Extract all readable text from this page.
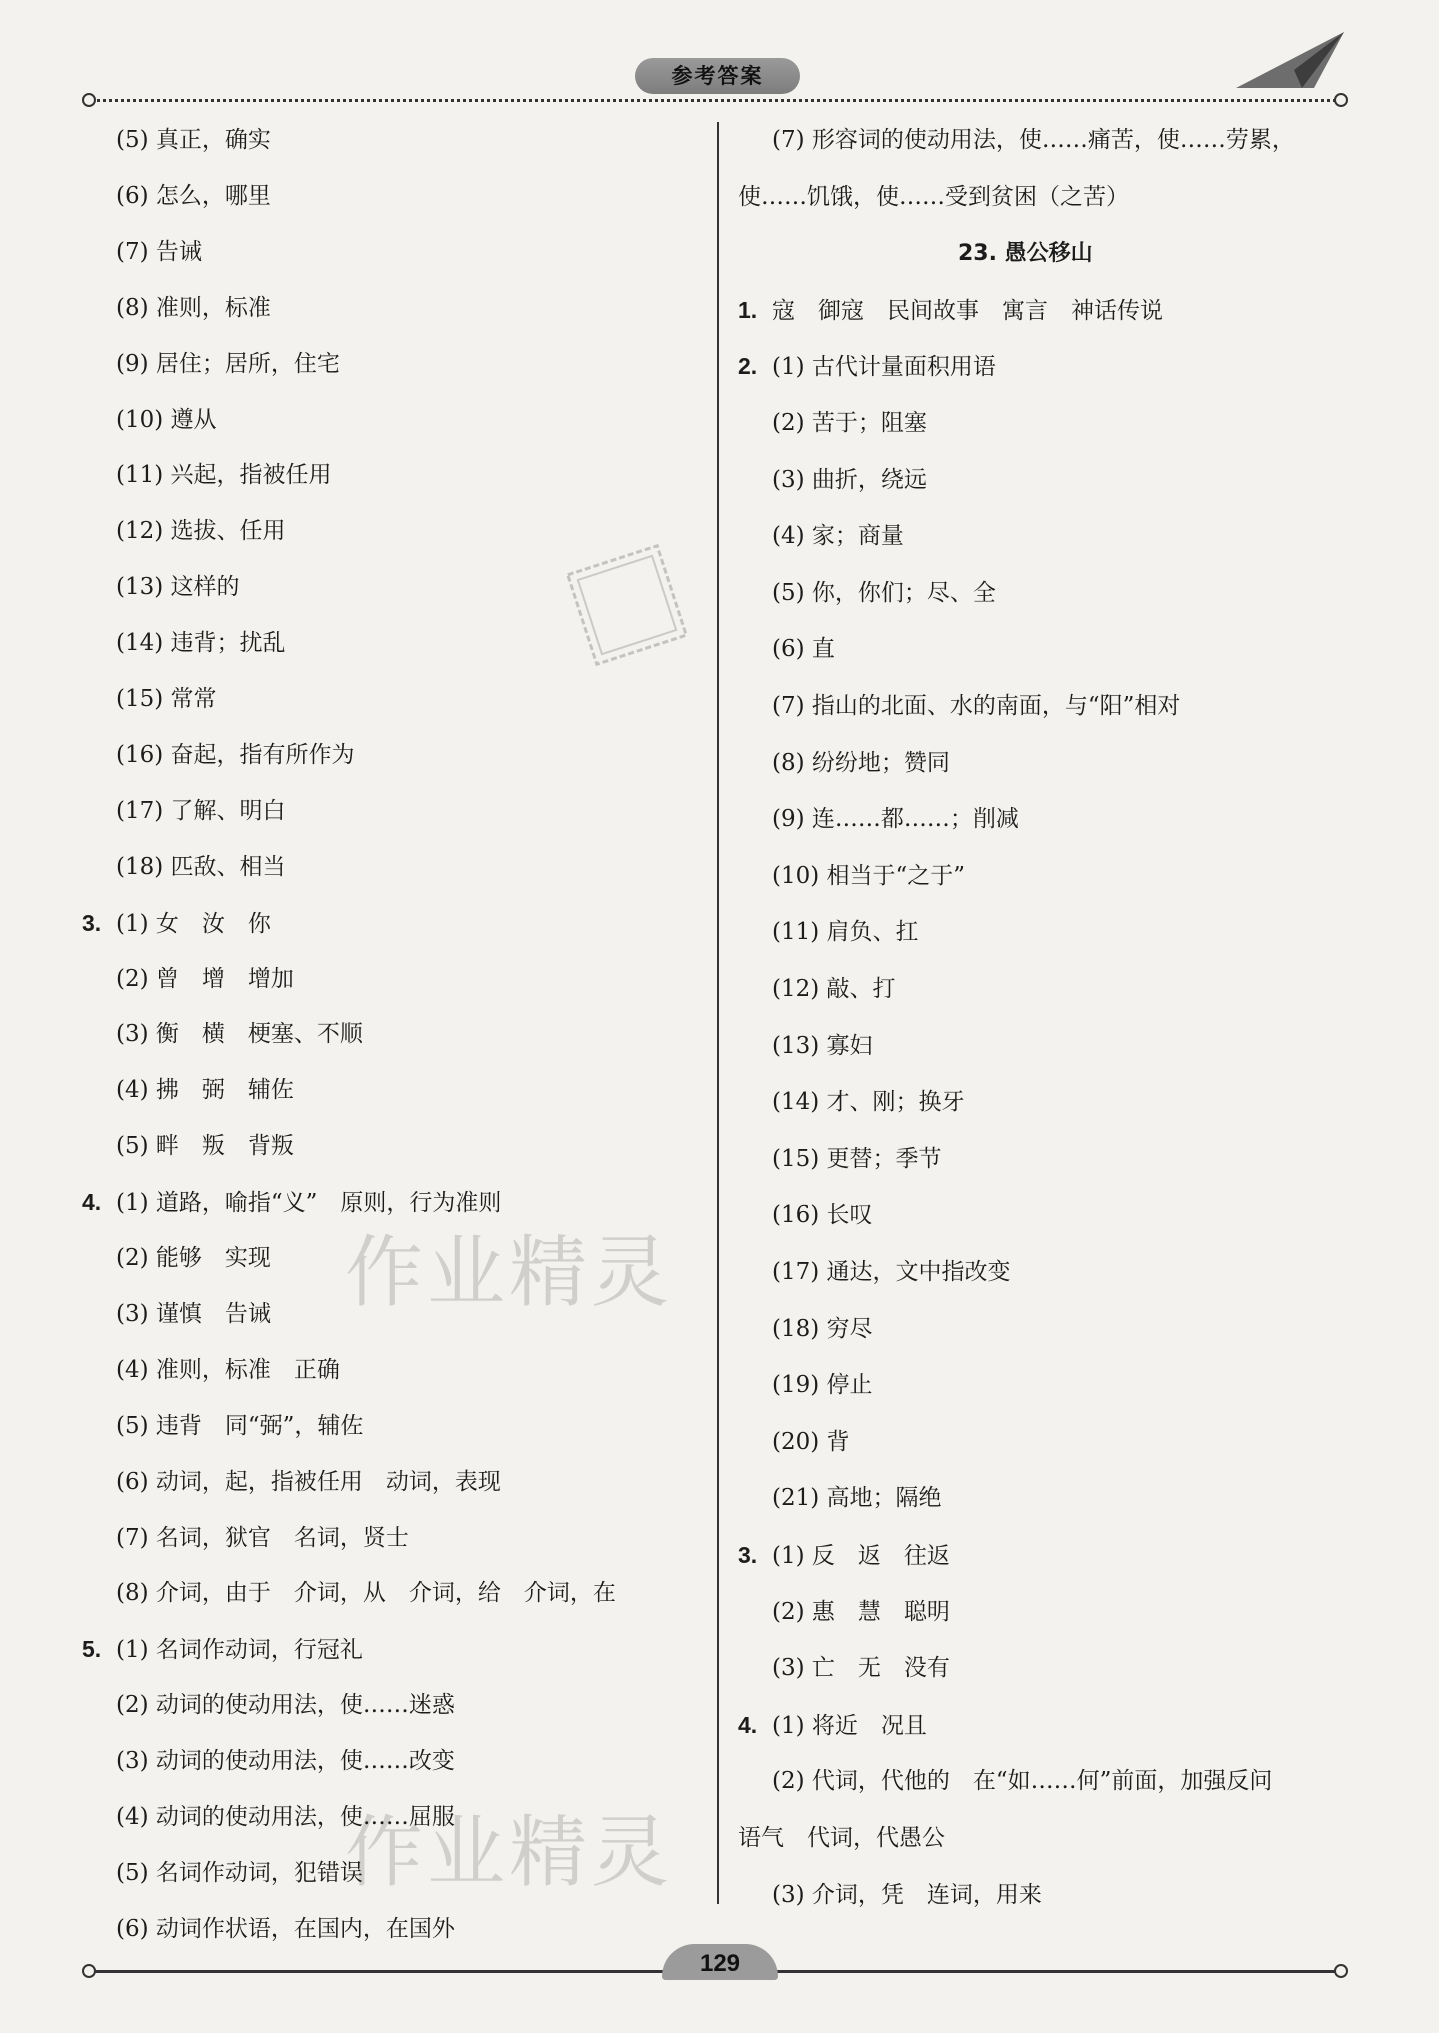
参考答案
作业精灵
作业精灵
(5) 真正，确实
(6) 怎么，哪里
(7) 告诫
(8) 准则，标准
(9) 居住；居所，住宅
(10) 遵从
(11) 兴起，指被任用
(12) 选拔、任用
(13) 这样的
(14) 违背；扰乱
(15) 常常
(16) 奋起，指有所作为
(17) 了解、明白
(18) 匹敌、相当
3. (1) 女　汝　你
(2) 曾　增　增加
(3) 衡　横　梗塞、不顺
(4) 拂　弼　辅佐
(5) 畔　叛　背叛
4. (1) 道路，喻指“义”　原则，行为准则
(2) 能够　实现
(3) 谨慎　告诫
(4) 准则，标准　正确
(5) 违背　同“弼”，辅佐
(6) 动词，起，指被任用　动词，表现
(7) 名词，狱官　名词，贤士
(8) 介词，由于　介词，从　介词，给　介词，在
5. (1) 名词作动词，行冠礼
(2) 动词的使动用法，使……迷惑
(3) 动词的使动用法，使……改变
(4) 动词的使动用法，使……屈服
(5) 名词作动词，犯错误
(6) 动词作状语，在国内，在国外
(7) 形容词的使动用法，使……痛苦，使……劳累，
使……饥饿，使……受到贫困（之苦）
23. 愚公移山
1. 寇　御寇　民间故事　寓言　神话传说
2. (1) 古代计量面积用语
(2) 苦于；阻塞
(3) 曲折，绕远
(4) 家；商量
(5) 你，你们；尽、全
(6) 直
(7) 指山的北面、水的南面，与“阳”相对
(8) 纷纷地；赞同
(9) 连……都……；削减
(10) 相当于“之于”
(11) 肩负、扛
(12) 敲、打
(13) 寡妇
(14) 才、刚；换牙
(15) 更替；季节
(16) 长叹
(17) 通达，文中指改变
(18) 穷尽
(19) 停止
(20) 背
(21) 高地；隔绝
3. (1) 反　返　往返
(2) 惠　慧　聪明
(3) 亡　无　没有
4. (1) 将近　况且
(2) 代词，代他的　在“如……何”前面，加强反问
语气　代词，代愚公
(3) 介词，凭　连词，用来
129
